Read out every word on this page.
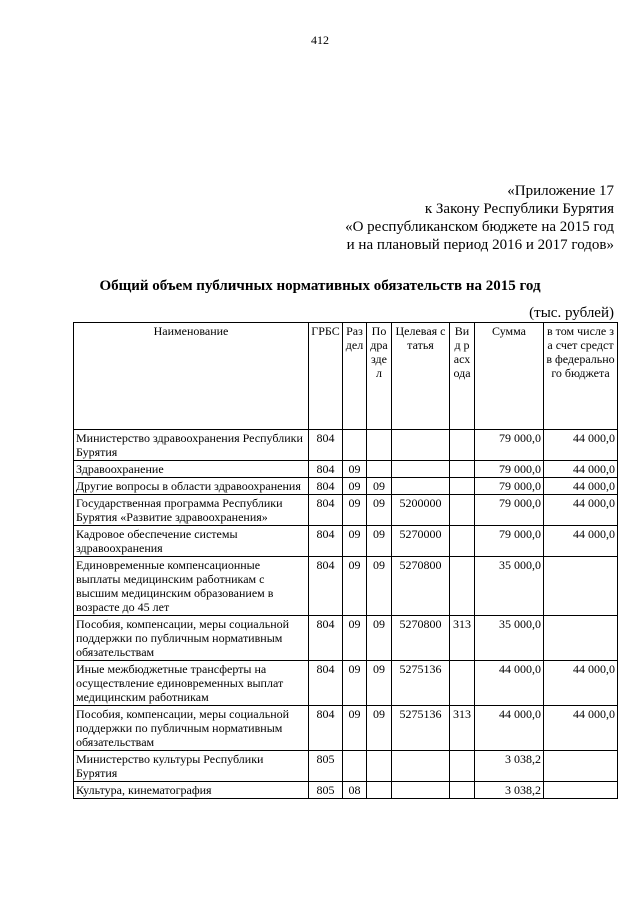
412
«Приложение 17
к Закону Республики Бурятия
«О республиканском бюджете на 2015 год
и на плановый период 2016 и 2017 годов»
Общий объем публичных нормативных обязательств на 2015 год
(тыс. рублей)
Наименование	ГРБС	Раздел	Подраздел	Целевая статья	Вид расхода	Сумма	в том числе за счет средств федерального бюджета
Министерство здравоохранения Республики Бурятия	804					79 000,0	44 000,0
Здравоохранение	804	09				79 000,0	44 000,0
Другие вопросы в области здравоохранения	804	09	09			79 000,0	44 000,0
Государственная программа Республики Бурятия «Развитие здравоохранения»	804	09	09	5200000		79 000,0	44 000,0
Кадровое обеспечение системы здравоохранения	804	09	09	5270000		79 000,0	44 000,0
Единовременные компенсационные выплаты медицинским работникам с высшим медицинским образованием в возрасте до 45 лет	804	09	09	5270800		35 000,0	
Пособия, компенсации, меры социальной поддержки по публичным нормативным обязательствам	804	09	09	5270800	313	35 000,0	
Иные межбюджетные трансферты на осуществление единовременных выплат медицинским работникам	804	09	09	5275136		44 000,0	44 000,0
Пособия, компенсации, меры социальной поддержки по публичным нормативным обязательствам	804	09	09	5275136	313	44 000,0	44 000,0
Министерство культуры Республики Бурятия	805					3 038,2	
Культура, кинематография	805	08				3 038,2	
